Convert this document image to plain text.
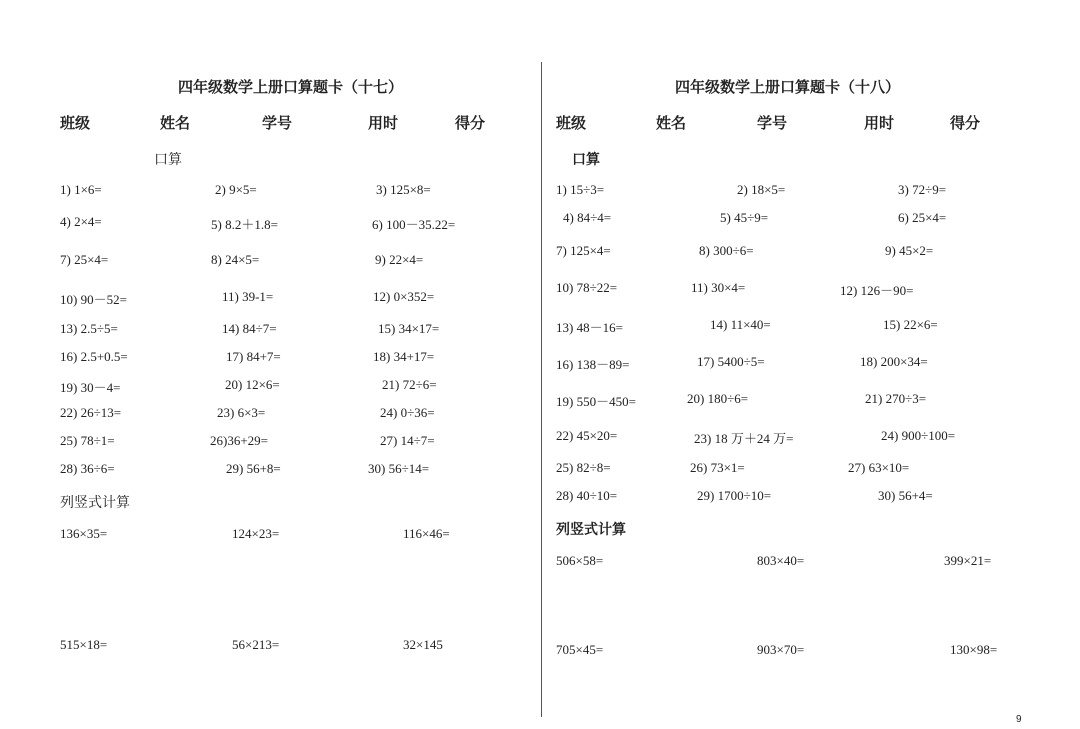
四年级数学上册口算题卡（十七）
班级	姓名	学号	用时	得分
口算
1) 1×6=	2) 9×5=	3) 125×8=
4) 2×4=	5) 8.2＋1.8=	6) 100－35.22=
7) 25×4=	8) 24×5=	9) 22×4=
10) 90－52=	11) 39-1=	12) 0×352=
13) 2.5÷5=	14) 84÷7=	15) 34×17=
16) 2.5+0.5=	17) 84+7=	18) 34+17=
19) 30－4=	20) 12×6=	21) 72÷6=
22) 26÷13=	23) 6×3=	24) 0÷36=
25) 78÷1=	26)36+29=	27) 14÷7=
28) 36÷6=	29) 56+8=	30) 56÷14=
列竖式计算
136×35=	124×23=	116×46=
515×18=	56×213=	32×145
四年级数学上册口算题卡（十八）
班级	姓名	学号	用时	得分
口算
1) 15÷3=	2) 18×5=	3) 72÷9=
4) 84÷4=	5) 45÷9=	6) 25×4=
7) 125×4=	8) 300÷6=	9) 45×2=
10) 78÷22=	11) 30×4=	12) 126－90=
13) 48－16=	14) 11×40=	15) 22×6=
16) 138－89=	17) 5400÷5=	18) 200×34=
19) 550－450=	20) 180÷6=	21) 270÷3=
22) 45×20=	23) 18 万＋24 万=	24) 900÷100=
25) 82÷8=	26) 73×1=	27) 63×10=
28) 40÷10=	29) 1700÷10=	30) 56+4=
列竖式计算
506×58=	803×40=	399×21=
705×45=	903×70=	130×98=
9
